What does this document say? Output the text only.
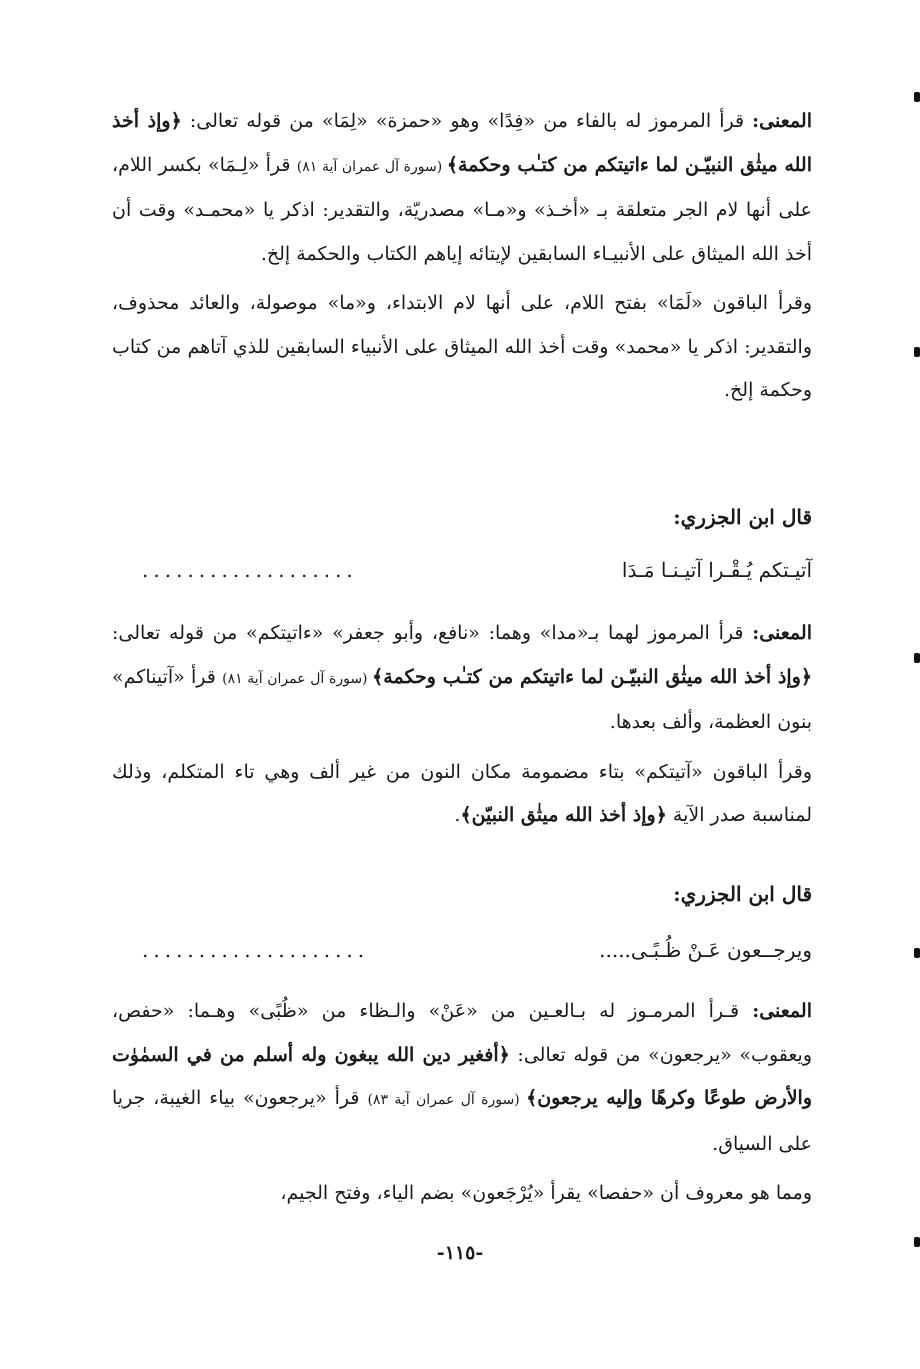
المعنى: قرأ المرموز له بالفاء من «فِدًا» وهو «حمزة» «لِمَا» من قوله تعالى: ﴿وإذ أخذ الله ميثٰق النبيّـن لما ءاتيتكم من كتـٰب وحكمة﴾ (سورة آل عمران آية ٨١) قرأ «لِـمَا» بكسر اللام، على أنها لام الجر متعلقة بـ «أخـذ» و«مـا» مصدريّة، والتقدير: اذكر يا «محمـد» وقت أن أخذ الله الميثاق على الأنبيـاء السابقين لإيتائه إياهم الكتاب والحكمة إلخ.

وقرأ الباقون «لَمَا» بفتح اللام، على أنها لام الابتداء، و«ما» موصولة، والعائد محذوف، والتقدير: اذكر يا «محمد» وقت أخذ الله الميثاق على الأنبياء السابقين للذي آتاهم من كتاب وحكمة إلخ.

قال ابن الجزري:
آتيـتكم يُـقْـرا آتيـنـا مَـدَا
...................

المعنى: قرأ المرموز لهما بـ«مدا» وهما: «نافع، وأبو جعفر» «ءاتيتكم» من قوله تعالى: ﴿وإذ أخذ الله ميثٰق النبيّـن لما ءاتيتكم من كتـٰب وحكمة﴾ (سورة آل عمران آية ٨١) قرأ «آتيناكم» بنون العظمة، وألف بعدها.

وقرأ الباقون «آتيتكم» بتاء مضمومة مكان النون من غير ألف وهي تاء المتكلم، وذلك لمناسبة صدر الآية ﴿وإذ أخذ الله ميثٰق النبيّن﴾.

قال ابن الجزري:
ويرجــعون عَـنْ ظُـبًـى.....
....................

المعنى: قـرأ المرمـوز له بـالعـين من «عَنْ» والـظاء من «ظُبًى» وهـما: «حفص، ويعقوب» «يرجعون» من قوله تعالى: ﴿أفغير دين الله يبغون وله أسلم من في السمٰوٰت والأرض طوعًا وكرهًا وإليه يرجعون﴾ (سورة آل عمران آية ٨٣) قرأ «يرجعون» بياء الغيبة، جريا على السياق.

ومما هو معروف أن «حفصا» يقرأ «يُرْجَعون» بضم الياء، وفتح الجيم،

-١١٥-
